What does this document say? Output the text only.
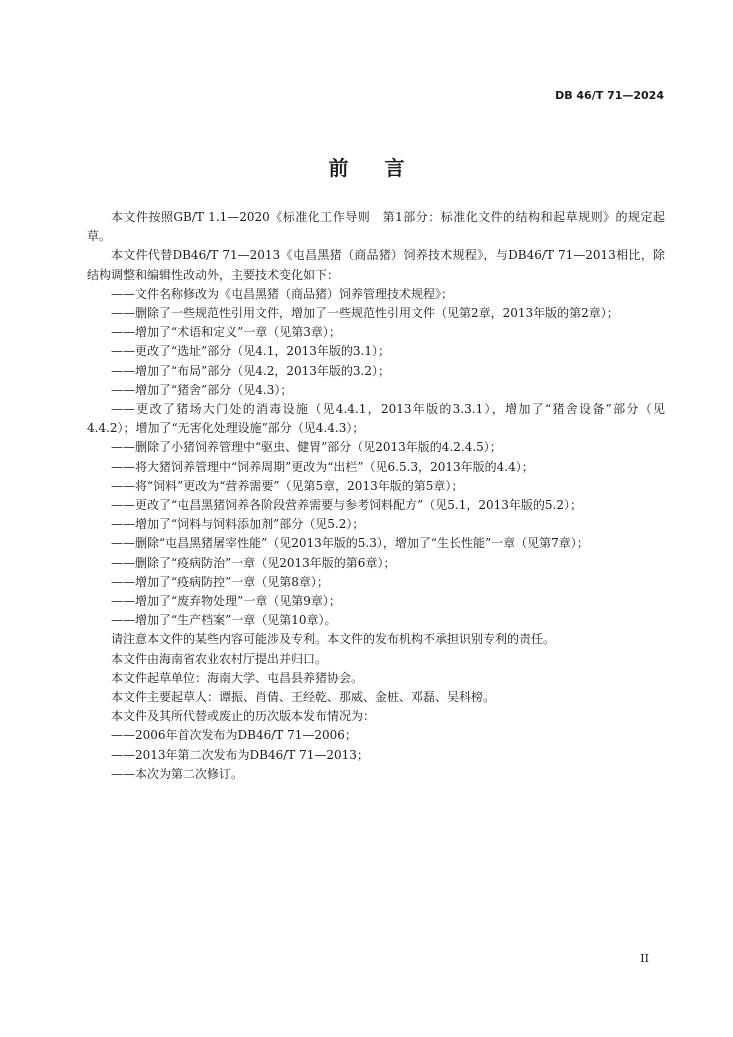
DB 46/T 71—2024
前 言

本文件按照GB/T 1.1—2020《标准化工作导则　第1部分：标准化文件的结构和起草规则》的规定起草。

本文件代替DB46/T 71—2013《屯昌黑猪（商品猪）饲养技术规程》，与DB46/T 71—2013相比，除结构调整和编辑性改动外，主要技术变化如下：

——文件名称修改为《屯昌黑猪（商品猪）饲养管理技术规程》；

——删除了一些规范性引用文件，增加了一些规范性引用文件（见第2章，2013年版的第2章）；

——增加了“术语和定义”一章（见第3章）；

——更改了“选址”部分（见4.1，2013年版的3.1）；

——增加了“布局”部分（见4.2，2013年版的3.2）；

——增加了“猪舍”部分（见4.3）；

——更改了猪场大门处的消毒设施（见4.4.1，2013年版的3.3.1），增加了“猪舍设备”部分（见4.4.2）；增加了“无害化处理设施”部分（见4.4.3）；

——删除了小猪饲养管理中“驱虫、健胃”部分（见2013年版的4.2.4.5）；

——将大猪饲养管理中“饲养周期”更改为“出栏”（见6.5.3，2013年版的4.4）；

——将“饲料”更改为“营养需要”（见第5章，2013年版的第5章）；

——更改了“屯昌黑猪饲养各阶段营养需要与参考饲料配方”（见5.1，2013年版的5.2）；

——增加了“饲料与饲料添加剂”部分（见5.2）；

——删除“屯昌黑猪屠宰性能”（见2013年版的5.3），增加了“生长性能”一章（见第7章）；

——删除了“疫病防治”一章（见2013年版的第6章）；

——增加了“疫病防控”一章（见第8章）；

——增加了“废弃物处理”一章（见第9章）；

——增加了“生产档案”一章（见第10章）。

请注意本文件的某些内容可能涉及专利。本文件的发布机构不承担识别专利的责任。

本文件由海南省农业农村厅提出并归口。

本文件起草单位：海南大学、屯昌县养猪协会。

本文件主要起草人：谭振、肖倩、王经乾、那威、金桩、邓磊、吴科榜。

本文件及其所代替或废止的历次版本发布情况为：

——2006年首次发布为DB46/T 71—2006；

——2013年第二次发布为DB46/T 71—2013；

——本次为第二次修订。

II
